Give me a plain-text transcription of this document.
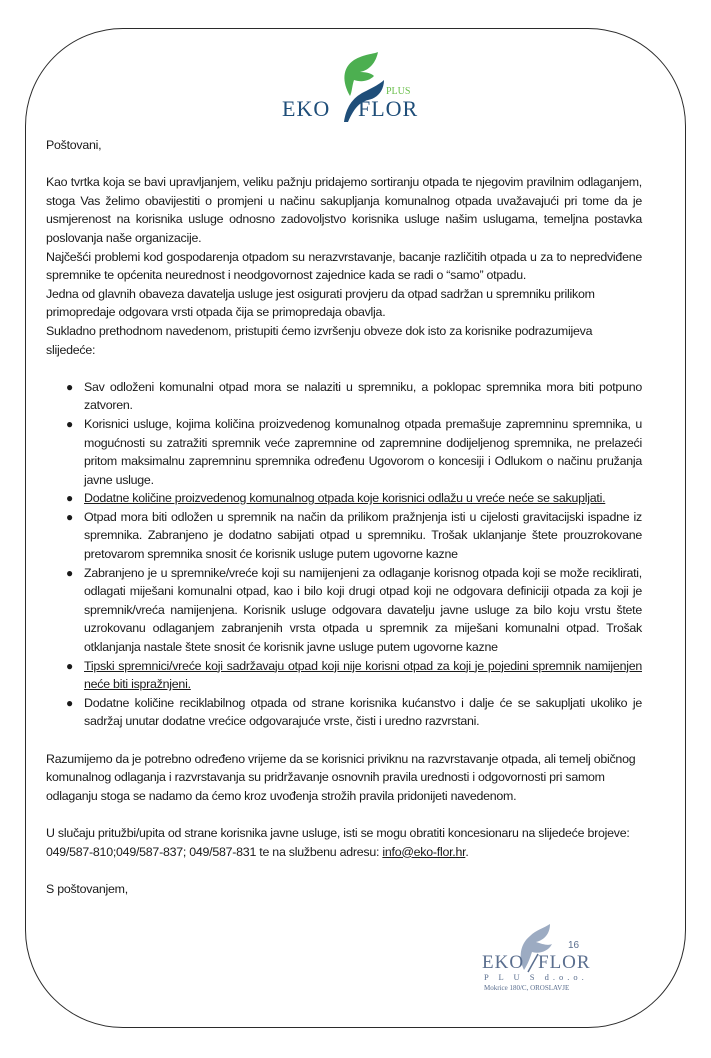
EKO FLOR
PLUS

Poštovani,

Kao tvrtka koja se bavi upravljanjem, veliku pažnju pridajemo sortiranju otpada te njegovim pravilnim odlaganjem, stoga Vas želimo obavijestiti o promjeni u načinu sakupljanja komunalnog otpada uvažavajući pri tome da je usmjerenost na korisnika usluge odnosno zadovoljstvo korisnika usluge našim uslugama, temeljna postavka poslovanja naše organizacije.

Najčešći problemi kod gospodarenja otpadom su nerazvrstavanje, bacanje različitih otpada u za to nepredviđene spremnike te općenita neurednost i neodgovornost zajednice kada se radi o “samo” otpadu.

Jedna od glavnih obaveza davatelja usluge jest osigurati provjeru da otpad sadržan u spremniku prilikom primopredaje odgovara vrsti otpada čija se primopredaja obavlja.

Sukladno prethodnom navedenom, pristupiti ćemo izvršenju obveze dok isto za korisnike podrazumijeva slijedeće:

● Sav odloženi komunalni otpad mora se nalaziti u spremniku, a poklopac spremnika mora biti potpuno zatvoren.
● Korisnici usluge, kojima količina proizvedenog komunalnog otpada premašuje zapremninu spremnika, u mogućnosti su zatražiti spremnik veće zapremnine od zapremnine dodijeljenog spremnika, ne prelazeći pritom maksimalnu zapremninu spremnika određenu Ugovorom o koncesiji i Odlukom o načinu pružanja javne usluge.
● Dodatne količine proizvedenog komunalnog otpada koje korisnici odlažu u vreće neće se sakupljati.
● Otpad mora biti odložen u spremnik na način da prilikom pražnjenja isti u cijelosti gravitacijski ispadne iz spremnika. Zabranjeno je dodatno sabijati otpad u spremniku. Trošak uklanjanje štete prouzrokovane pretovarom spremnika snosit će korisnik usluge putem ugovorne kazne
● Zabranjeno je u spremnike/vreće koji su namijenjeni za odlaganje korisnog otpada koji se može reciklirati, odlagati miješani komunalni otpad, kao i bilo koji drugi otpad koji ne odgovara definiciji otpada za koji je spremnik/vreća namijenjena. Korisnik usluge odgovara davatelju javne usluge za bilo koju vrstu štete uzrokovanu odlaganjem zabranjenih vrsta otpada u spremnik za miješani komunalni otpad. Trošak otklanjanja nastale štete snosit će korisnik javne usluge putem ugovorne kazne
● Tipski spremnici/vreće koji sadržavaju otpad koji nije korisni otpad za koji je pojedini spremnik namijenjen neće biti ispražnjeni.
● Dodatne količine reciklabilnog otpada od strane korisnika kućanstvo i dalje će se sakupljati ukoliko je sadržaj unutar dodatne vrećice odgovarajuće vrste, čisti i uredno razvrstani.

Razumijemo da je potrebno određeno vrijeme da se korisnici priviknu na razvrstavanje otpada, ali temelj običnog komunalnog odlaganja i razvrstavanja su pridržavanje osnovnih pravila urednosti i odgovornosti pri samom odlaganju stoga se nadamo da ćemo kroz uvođenja strožih pravila pridonijeti navedenom.

U slučaju pritužbi/upita od strane korisnika javne usluge, isti se mogu obratiti koncesionaru na slijedeće brojeve: 049/587-810;049/587-837; 049/587-831 te na službenu adresu: info@eko-flor.hr.

S poštovanjem,

16
EKO FLOR
P L U S d.o.o.
Mokrice 180/C, OROSLAVJE
